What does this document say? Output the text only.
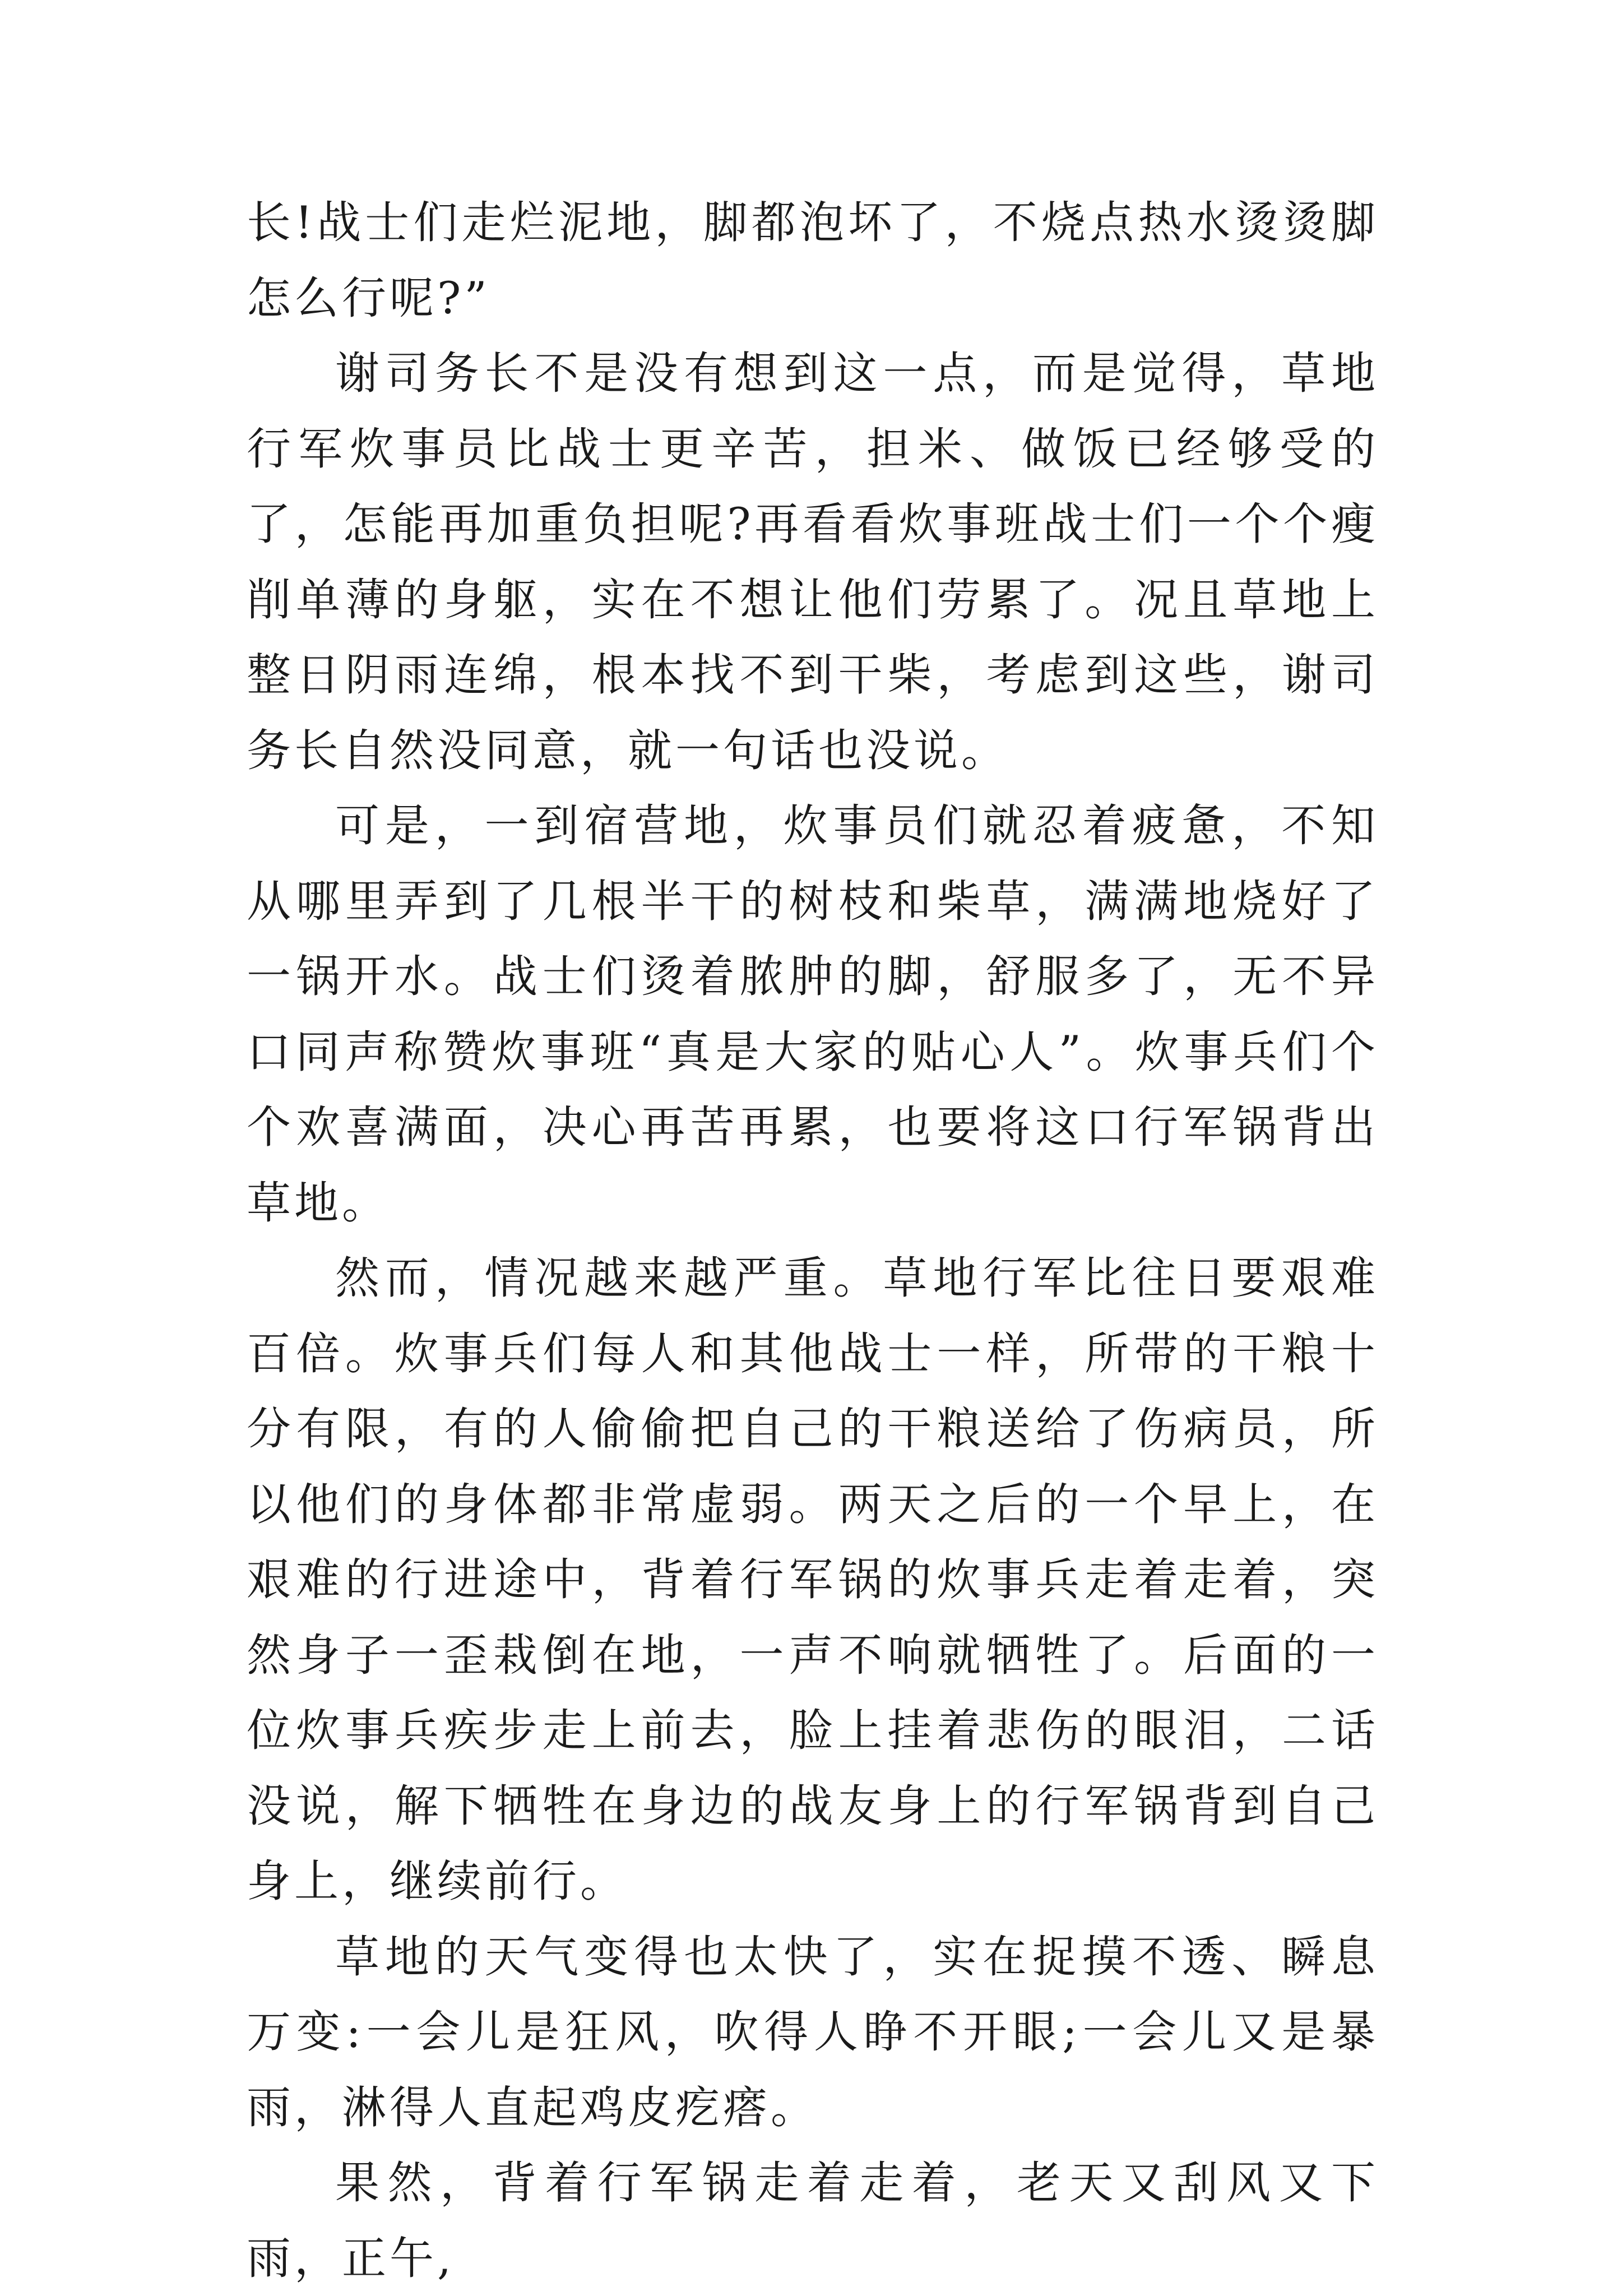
长!战士们走烂泥地，脚都泡坏了，不烧点热水烫烫脚怎么行呢?”

谢司务长不是没有想到这一点，而是觉得，草地行军炊事员比战士更辛苦，担米、做饭已经够受的了，怎能再加重负担呢?再看看炊事班战士们一个个瘦削单薄的身躯，实在不想让他们劳累了。况且草地上整日阴雨连绵，根本找不到干柴，考虑到这些，谢司务长自然没同意，就一句话也没说。

可是，一到宿营地，炊事员们就忍着疲惫，不知从哪里弄到了几根半干的树枝和柴草，满满地烧好了一锅开水。战士们烫着脓肿的脚，舒服多了，无不异口同声称赞炊事班“真是大家的贴心人”。炊事兵们个个欢喜满面，决心再苦再累，也要将这口行军锅背出草地。

然而，情况越来越严重。草地行军比往日要艰难百倍。炊事兵们每人和其他战士一样，所带的干粮十分有限，有的人偷偷把自己的干粮送给了伤病员，所以他们的身体都非常虚弱。两天之后的一个早上，在艰难的行进途中，背着行军锅的炊事兵走着走着，突然身子一歪栽倒在地，一声不响就牺牲了。后面的一位炊事兵疾步走上前去，脸上挂着悲伤的眼泪，二话没说，解下牺牲在身边的战友身上的行军锅背到自己身上，继续前行。

草地的天气变得也太快了，实在捉摸不透、瞬息万变:一会儿是狂风，吹得人睁不开眼;一会儿又是暴雨，淋得人直起鸡皮疙瘩。

果然，背着行军锅走着走着，老天又刮风又下雨，正午,
